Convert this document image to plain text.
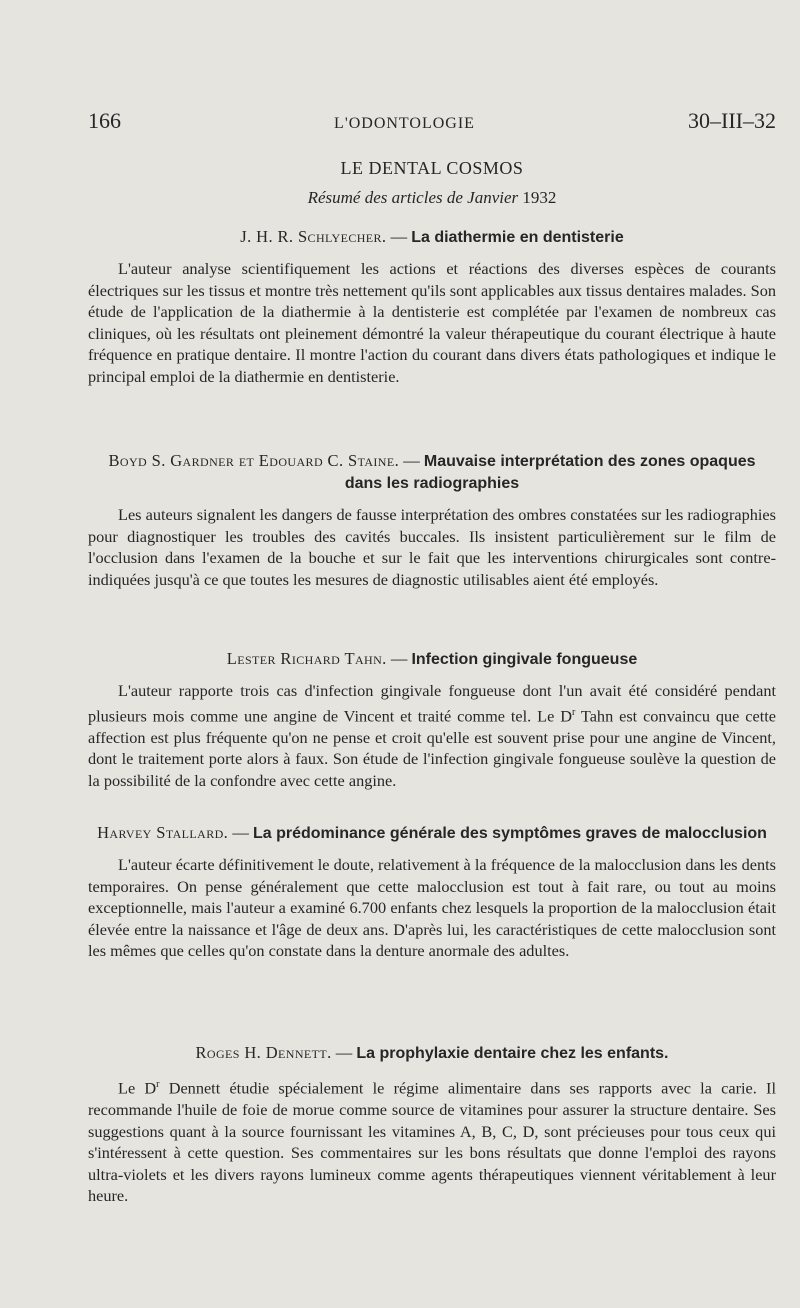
166	L'ODONTOLOGIE	30–III–32
LE DENTAL COSMOS
Résumé des articles de Janvier 1932

J. H. R. Schlyecher. — La diathermie en dentisterie

L'auteur analyse scientifiquement les actions et réactions des diverses espèces de courants électriques sur les tissus et montre très nettement qu'ils sont applicables aux tissus dentaires malades. Son étude de l'application de la diathermie à la dentisterie est complétée par l'examen de nombreux cas cliniques, où les résultats ont pleinement démontré la valeur thérapeutique du courant électrique à haute fréquence en pratique dentaire. Il montre l'action du courant dans divers états pathologiques et indique le principal emploi de la diathermie en dentisterie.

Boyd S. Gardner et Edouard C. Staine. — Mauvaise interprétation des zones opaques dans les radiographies

Les auteurs signalent les dangers de fausse interprétation des ombres constatées sur les radiographies pour diagnostiquer les troubles des cavités buccales. Ils insistent particulièrement sur le film de l'occlusion dans l'examen de la bouche et sur le fait que les interventions chirurgicales sont contre-indiquées jusqu'à ce que toutes les mesures de diagnostic utilisables aient été employés.

Lester Richard Tahn. — Infection gingivale fongueuse

L'auteur rapporte trois cas d'infection gingivale fongueuse dont l'un avait été considéré pendant plusieurs mois comme une angine de Vincent et traité comme tel. Le $D^r$ Tahn est convaincu que cette affection est plus fréquente qu'on ne pense et croit qu'elle est souvent prise pour une angine de Vincent, dont le traitement porte alors à faux. Son étude de l'infection gingivale fongueuse soulève la question de la possibilité de la confondre avec cette angine.

Harvey Stallard. — La prédominance générale des symptômes graves de malocclusion

L'auteur écarte définitivement le doute, relativement à la fréquence de la malocclusion dans les dents temporaires. On pense généralement que cette malocclusion est tout à fait rare, ou tout au moins exceptionnelle, mais l'auteur a examiné 6.700 enfants chez lesquels la proportion de la malocclusion était élevée entre la naissance et l'âge de deux ans. D'après lui, les caractéristiques de cette malocclusion sont les mêmes que celles qu'on constate dans la denture anormale des adultes.

Roges H. Dennett. — La prophylaxie dentaire chez les enfants.

Le $D^r$ Dennett étudie spécialement le régime alimentaire dans ses rapports avec la carie. Il recommande l'huile de foie de morue comme source de vitamines pour assurer la structure dentaire. Ses suggestions quant à la source fournissant les vitamines A, B, C, D, sont précieuses pour tous ceux qui s'intéressent à cette question. Ses commentaires sur les bons résultats que donne l'emploi des rayons ultra-violets et les divers rayons lumineux comme agents thérapeutiques viennent véritablement à leur heure.
